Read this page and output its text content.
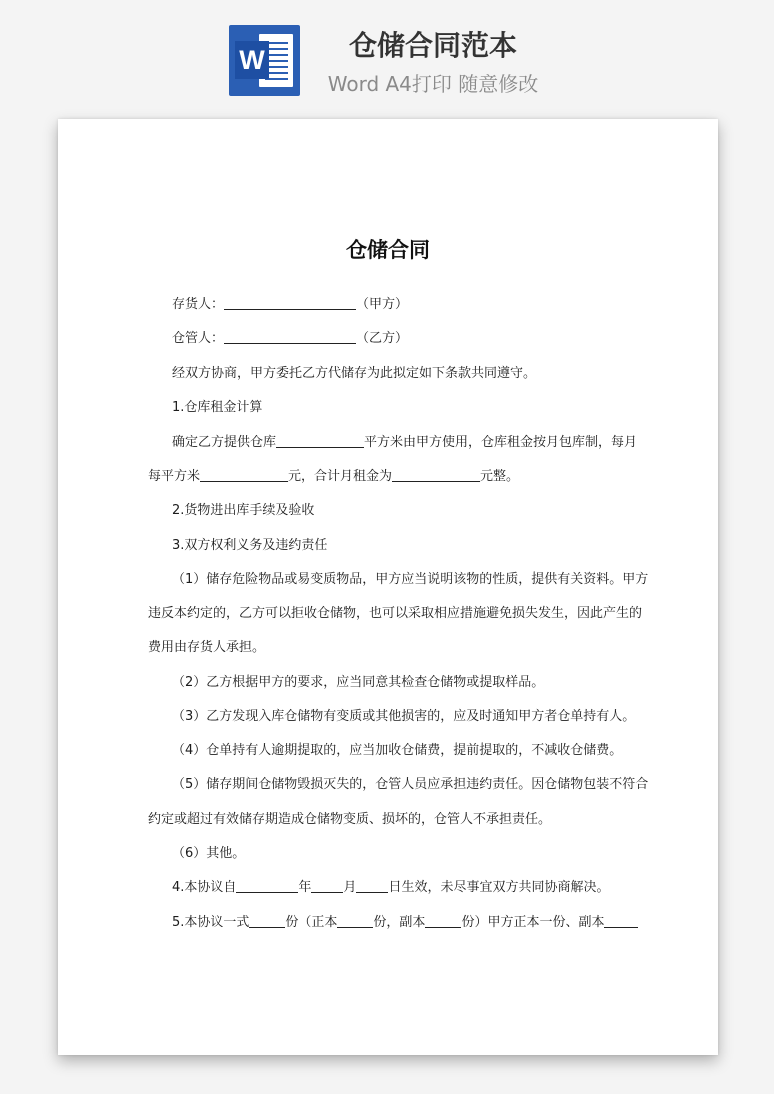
W	仓储合同范本
Word A4打印 随意修改

仓储合同
存货人：	（甲方）
仓管人：	（乙方）
经双方协商，甲方委托乙方代储存为此拟定如下条款共同遵守。
1.仓库租金计算
确定乙方提供仓库	平方米由甲方使用，仓库租金按月包库制，每月
每平方米	元，合计月租金为	元整。
2.货物进出库手续及验收
3.双方权利义务及违约责任
（1）储存危险物品或易变质物品，甲方应当说明该物的性质，提供有关资料。甲方
违反本约定的，乙方可以拒收仓储物，也可以采取相应措施避免损失发生，因此产生的
费用由存货人承担。
（2）乙方根据甲方的要求，应当同意其检查仓储物或提取样品。
（3）乙方发现入库仓储物有变质或其他损害的，应及时通知甲方者仓单持有人。
（4）仓单持有人逾期提取的，应当加收仓储费，提前提取的，不减收仓储费。
（5）储存期间仓储物毁损灭失的，仓管人员应承担违约责任。因仓储物包装不符合
约定或超过有效储存期造成仓储物变质、损坏的，仓管人不承担责任。
（6）其他。
4.本协议自	年 月 日生效，未尽事宜双方共同协商解决。
5.本协议一式	份（正本	份，副本	份）甲方正本一份、副本
